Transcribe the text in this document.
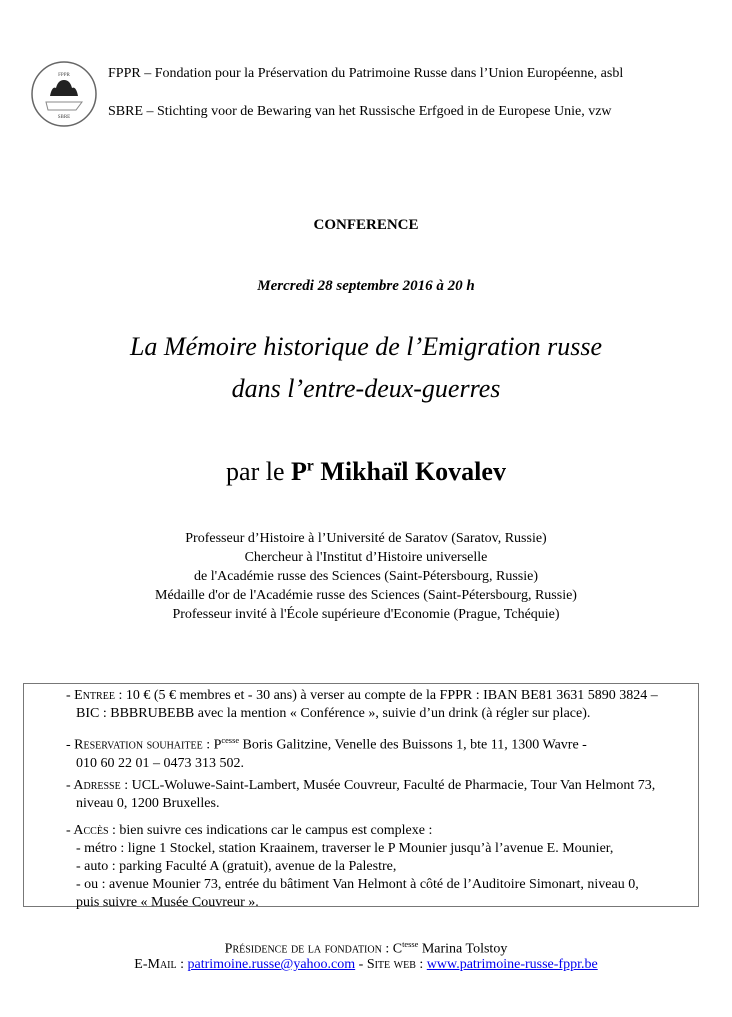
FPPR
SBRE
FPPR – Fondation pour la Préservation du Patrimoine Russe dans l’Union Européenne, asbl
SBRE – Stichting voor de Bewaring van het Russische Erfgoed in de Europese Unie, vzw
CONFERENCE
Mercredi 28 septembre 2016 à 20 h
La Mémoire historique de l’Emigration russe
dans l’entre-deux-guerres
par le $P^r$ Mikhaïl Kovalev
Professeur d’Histoire à l’Université de Saratov (Saratov, Russie)
Chercheur à l'Institut d’Histoire universelle
de l'Académie russe des Sciences (Saint-Pétersbourg, Russie)
Médaille d'or de l'Académie russe des Sciences (Saint-Pétersbourg, Russie)
Professeur invité à l'École supérieure d'Economie (Prague, Tchéquie)
- Entree : 10 € (5 € membres et - 30 ans) à verser au compte de la FPPR : IBAN BE81 3631 5890 3824 –
BIC : BBBRUBEBB avec la mention « Conférence », suivie d’un drink (à régler sur place).
- Reservation souhaitee : $P^{cesse}$ Boris Galitzine, Venelle des Buissons 1, bte 11, 1300 Wavre -
010 60 22 01 – 0473 313 502.
- Adresse : UCL-Woluwe-Saint-Lambert, Musée Couvreur, Faculté de Pharmacie, Tour Van Helmont 73,
niveau 0, 1200 Bruxelles.
- Accès : bien suivre ces indications car le campus est complexe :
- métro : ligne 1 Stockel, station Kraainem, traverser le P Mounier jusqu’à l’avenue E. Mounier,
- auto : parking Faculté A (gratuit), avenue de la Palestre,
- ou : avenue Mounier 73, entrée du bâtiment Van Helmont à côté de l’Auditoire Simonart, niveau 0,
puis suivre « Musée Couvreur ».
Présidence de la fondation : $C^{tesse}$ Marina Tolstoy
E-Mail : patrimoine.russe@yahoo.com - Site web : www.patrimoine-russe-fppr.be
